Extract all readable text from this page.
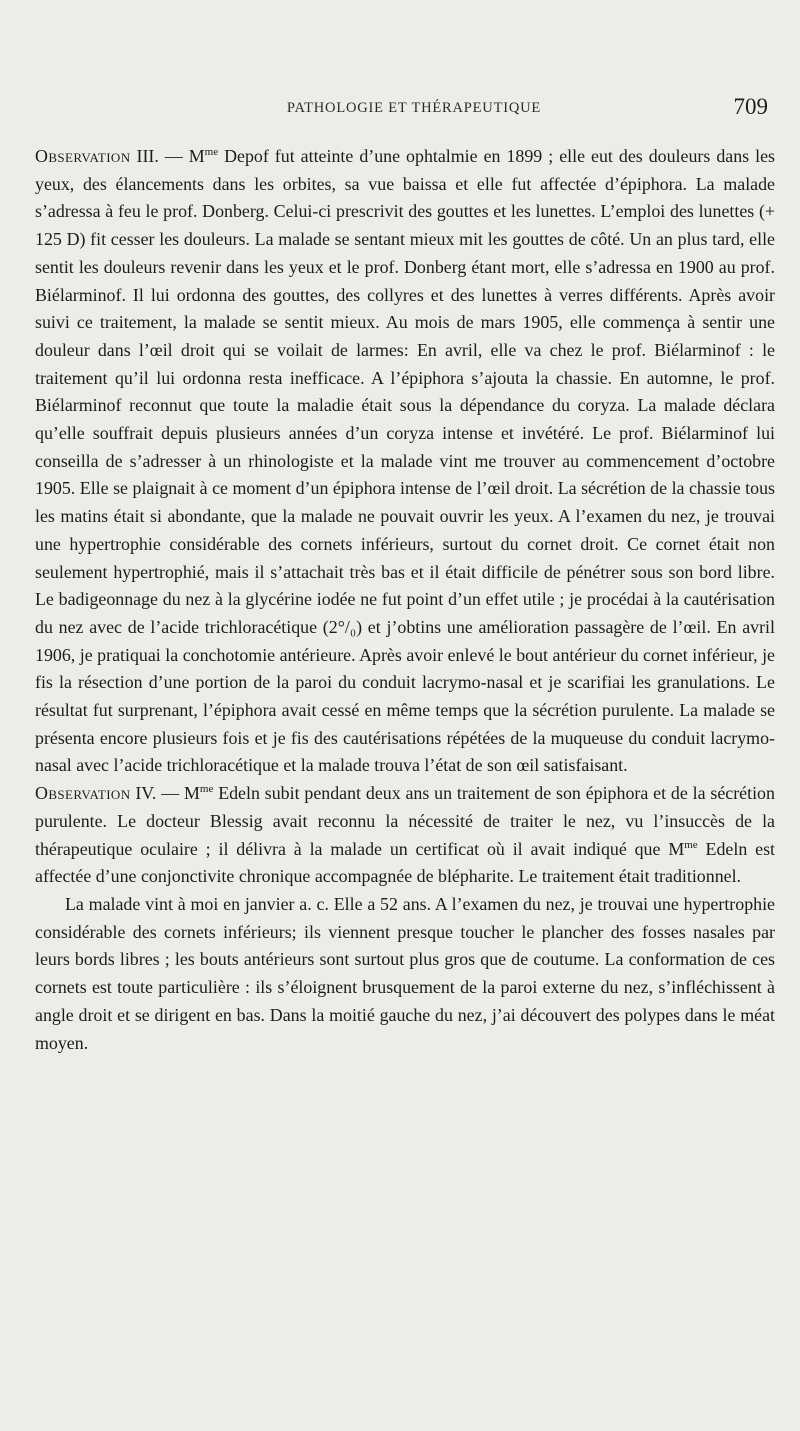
PATHOLOGIE ET THÉRAPEUTIQUE	709

Observation III. — $M^{me}$ Depof fut atteinte d’une ophtalmie en 1899 ; elle eut des douleurs dans les yeux, des élancements dans les orbites, sa vue baissa et elle fut affectée d’épiphora. La malade s’adressa à feu le prof. Donberg. Celui-ci prescrivit des gouttes et les lunettes. L’emploi des lunettes (+ 125 D) fit cesser les douleurs. La malade se sentant mieux mit les gouttes de côté. Un an plus tard, elle sentit les douleurs revenir dans les yeux et le prof. Donberg étant mort, elle s’adressa en 1900 au prof. Biélarminof. Il lui ordonna des gouttes, des collyres et des lunettes à verres différents. Après avoir suivi ce traitement, la malade se sentit mieux. Au mois de mars 1905, elle commença à sentir une douleur dans l’œil droit qui se voilait de larmes: En avril, elle va chez le prof. Biélarminof : le traitement qu’il lui ordonna resta inefficace. A l’épiphora s’ajouta la chassie. En automne, le prof. Biélarminof reconnut que toute la maladie était sous la dépendance du coryza. La malade déclara qu’elle souffrait depuis plusieurs années d’un coryza intense et invétéré. Le prof. Biélarminof lui conseilla de s’adresser à un rhinologiste et la malade vint me trouver au commencement d’octobre 1905. Elle se plaignait à ce moment d’un épiphora intense de l’œil droit. La sécrétion de la chassie tous les matins était si abondante, que la malade ne pouvait ouvrir les yeux. A l’examen du nez, je trouvai une hypertrophie considérable des cornets inférieurs, surtout du cornet droit. Ce cornet était non seulement hypertrophié, mais il s’attachait très bas et il était difficile de pénétrer sous son bord libre. Le badigeonnage du nez à la glycérine iodée ne fut point d’un effet utile ; je procédai à la cautérisation du nez avec de l’acide trichloracétique (2°/₀) et j’obtins une amélioration passagère de l’œil. En avril 1906, je pratiquai la conchotomie antérieure. Après avoir enlevé le bout antérieur du cornet inférieur, je fis la résection d’une portion de la paroi du conduit lacrymo-nasal et je scarifiai les granulations. Le résultat fut surprenant, l’épiphora avait cessé en même temps que la sécrétion purulente. La malade se présenta encore plusieurs fois et je fis des cautérisations répétées de la muqueuse du conduit lacrymo-nasal avec l’acide trichloracétique et la malade trouva l’état de son œil satisfaisant.

Observation IV. — $M^{me}$ Edeln subit pendant deux ans un traitement de son épiphora et de la sécrétion purulente. Le docteur Blessig avait reconnu la nécessité de traiter le nez, vu l’insuccès de la thérapeutique oculaire ; il délivra à la malade un certificat où il avait indiqué que $M^{me}$ Edeln est affectée d’une conjonctivite chronique accompagnée de blépharite. Le traitement était traditionnel.

La malade vint à moi en janvier a. c. Elle a 52 ans. A l’examen du nez, je trouvai une hypertrophie considérable des cornets inférieurs; ils viennent presque toucher le plancher des fosses nasales par leurs bords libres ; les bouts antérieurs sont surtout plus gros que de coutume. La conformation de ces cornets est toute particulière : ils s’éloignent brusquement de la paroi externe du nez, s’infléchissent à angle droit et se dirigent en bas. Dans la moitié gauche du nez, j’ai découvert des polypes dans le méat moyen.
